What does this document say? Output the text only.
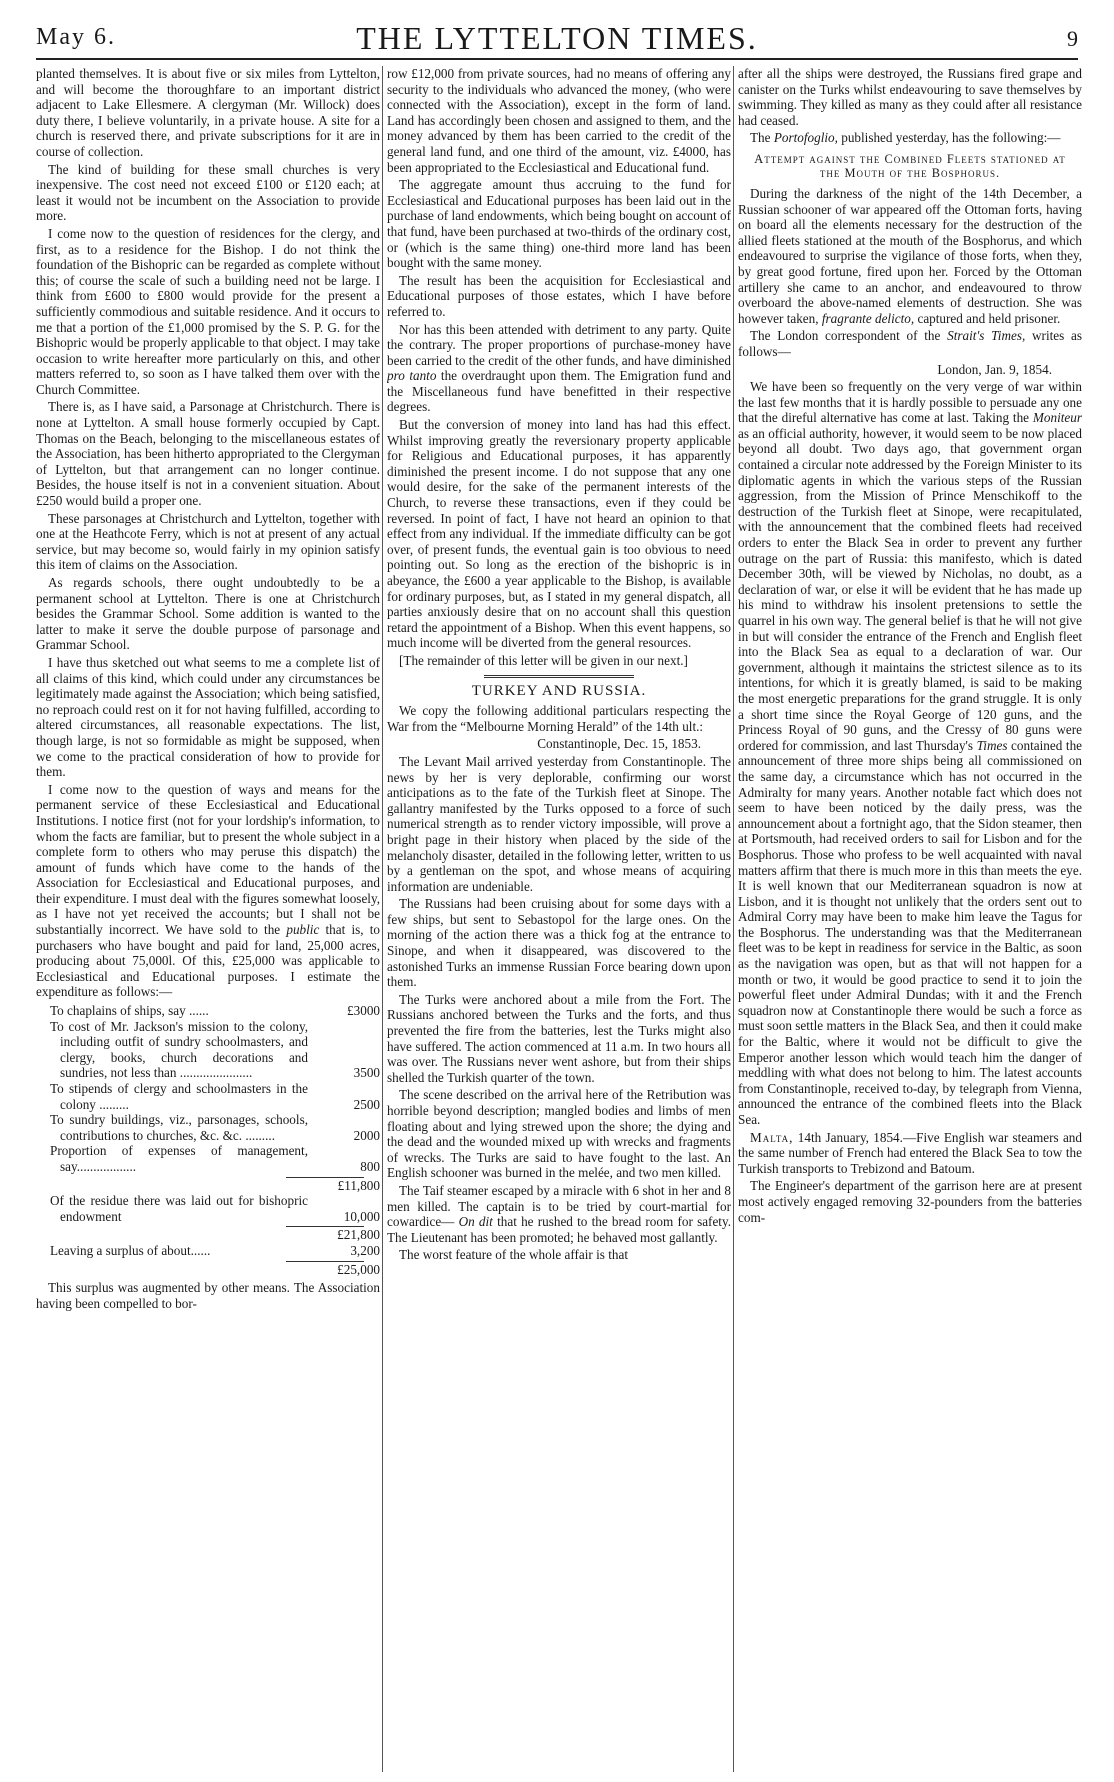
May 6.	THE LYTTELTON TIMES.	9

planted themselves. It is about five or six miles from Lyttelton, and will become the thoroughfare to an important district adjacent to Lake Ellesmere. A clergyman (Mr. Willock) does duty there, I believe voluntarily, in a private house. A site for a church is reserved there, and private subscriptions for it are in course of collection.

The kind of building for these small churches is very inexpensive. The cost need not exceed £100 or £120 each; at least it would not be incumbent on the Association to provide more.

I come now to the question of residences for the clergy, and first, as to a residence for the Bishop. I do not think the foundation of the Bishopric can be regarded as complete without this; of course the scale of such a building need not be large. I think from £600 to £800 would provide for the present a sufficiently commodious and suitable residence. And it occurs to me that a portion of the £1,000 promised by the S. P. G. for the Bishopric would be properly applicable to that object. I may take occasion to write hereafter more particularly on this, and other matters referred to, so soon as I have talked them over with the Church Committee.

There is, as I have said, a Parsonage at Christchurch. There is none at Lyttelton. A small house formerly occupied by Capt. Thomas on the Beach, belonging to the miscellaneous estates of the Association, has been hitherto appropriated to the Clergyman of Lyttelton, but that arrangement can no longer continue. Besides, the house itself is not in a convenient situation. About £250 would build a proper one.

These parsonages at Christchurch and Lyttelton, together with one at the Heathcote Ferry, which is not at present of any actual service, but may become so, would fairly in my opinion satisfy this item of claims on the Association.

As regards schools, there ought undoubtedly to be a permanent school at Lyttelton. There is one at Christchurch besides the Grammar School. Some addition is wanted to the latter to make it serve the double purpose of parsonage and Grammar School.

I have thus sketched out what seems to me a complete list of all claims of this kind, which could under any circumstances be legitimately made against the Association; which being satisfied, no reproach could rest on it for not having fulfilled, according to altered circumstances, all reasonable expectations. The list, though large, is not so formidable as might be supposed, when we come to the practical consideration of how to provide for them.

I come now to the question of ways and means for the permanent service of these Ecclesiastical and Educational Institutions. I notice first (not for your lordship's information, to whom the facts are familiar, but to present the whole subject in a complete form to others who may peruse this dispatch) the amount of funds which have come to the hands of the Association for Ecclesiastical and Educational purposes, and their expenditure. I must deal with the figures somewhat loosely, as I have not yet received the accounts; but I shall not be substantially incorrect. We have sold to the public that is, to purchasers who have bought and paid for land, 25,000 acres, producing about 75,000l. Of this, £25,000 was applicable to Ecclesiastical and Educational purposes. I estimate the expenditure as follows:—

To chaplains of ships, say ......	£3000
To cost of Mr. Jackson's mission to the colony, including outfit of sundry schoolmasters, and clergy, books, church decorations and sundries, not less than ......................	3500
To stipends of clergy and schoolmasters in the colony .........	2500
To sundry buildings, viz., parsonages, schools, contributions to churches, &c. &c. .........	2000
Proportion of expenses of management, say..................	800
£11,800
Of the residue there was laid out for bishopric endowment	10,000
£21,800
Leaving a surplus of about......	3,200
£25,000

This surplus was augmented by other means. The Association having been compelled to bor-

row £12,000 from private sources, had no means of offering any security to the individuals who advanced the money, (who were connected with the Association), except in the form of land. Land has accordingly been chosen and assigned to them, and the money advanced by them has been carried to the credit of the general land fund, and one third of the amount, viz. £4000, has been appropriated to the Ecclesiastical and Educational fund.

The aggregate amount thus accruing to the fund for Ecclesiastical and Educational purposes has been laid out in the purchase of land endowments, which being bought on account of that fund, have been purchased at two-thirds of the ordinary cost, or (which is the same thing) one-third more land has been bought with the same money.

The result has been the acquisition for Ecclesiastical and Educational purposes of those estates, which I have before referred to.

Nor has this been attended with detriment to any party. Quite the contrary. The proper proportions of purchase-money have been carried to the credit of the other funds, and have diminished pro tanto the overdraught upon them. The Emigration fund and the Miscellaneous fund have benefitted in their respective degrees.

But the conversion of money into land has had this effect. Whilst improving greatly the reversionary property applicable for Religious and Educational purposes, it has apparently diminished the present income. I do not suppose that any one would desire, for the sake of the permanent interests of the Church, to reverse these transactions, even if they could be reversed. In point of fact, I have not heard an opinion to that effect from any individual. If the immediate difficulty can be got over, of present funds, the eventual gain is too obvious to need pointing out. So long as the erection of the bishopric is in abeyance, the £600 a year applicable to the Bishop, is available for ordinary purposes, but, as I stated in my general dispatch, all parties anxiously desire that on no account shall this question retard the appointment of a Bishop. When this event happens, so much income will be diverted from the general resources.

[The remainder of this letter will be given in our next.]

TURKEY AND RUSSIA.

We copy the following additional particulars respecting the War from the “Melbourne Morning Herald” of the 14th ult.:

Constantinople, Dec. 15, 1853.

The Levant Mail arrived yesterday from Constantinople. The news by her is very deplorable, confirming our worst anticipations as to the fate of the Turkish fleet at Sinope. The gallantry manifested by the Turks opposed to a force of such numerical strength as to render victory impossible, will prove a bright page in their history when placed by the side of the melancholy disaster, detailed in the following letter, written to us by a gentleman on the spot, and whose means of acquiring information are undeniable.

The Russians had been cruising about for some days with a few ships, but sent to Sebastopol for the large ones. On the morning of the action there was a thick fog at the entrance to Sinope, and when it disappeared, was discovered to the astonished Turks an immense Russian Force bearing down upon them.

The Turks were anchored about a mile from the Fort. The Russians anchored between the Turks and the forts, and thus prevented the fire from the batteries, lest the Turks might also have suffered. The action commenced at 11 a.m. In two hours all was over. The Russians never went ashore, but from their ships shelled the Turkish quarter of the town.

The scene described on the arrival here of the Retribution was horrible beyond description; mangled bodies and limbs of men floating about and lying strewed upon the shore; the dying and the dead and the wounded mixed up with wrecks and fragments of wrecks. The Turks are said to have fought to the last. An English schooner was burned in the melée, and two men killed.

The Taif steamer escaped by a miracle with 6 shot in her and 8 men killed. The captain is to be tried by court-martial for cowardice— On dit that he rushed to the bread room for safety. The Lieutenant has been promoted; he behaved most gallantly.

The worst feature of the whole affair is that

after all the ships were destroyed, the Russians fired grape and canister on the Turks whilst endeavouring to save themselves by swimming. They killed as many as they could after all resistance had ceased.

The Portofoglio, published yesterday, has the following:—

Attempt against the Combined Fleets stationed at the Mouth of the Bosphorus.

During the darkness of the night of the 14th December, a Russian schooner of war appeared off the Ottoman forts, having on board all the elements necessary for the destruction of the allied fleets stationed at the mouth of the Bosphorus, and which endeavoured to surprise the vigilance of those forts, when they, by great good fortune, fired upon her. Forced by the Ottoman artillery she came to an anchor, and endeavoured to throw overboard the above-named elements of destruction. She was however taken, fragrante delicto, captured and held prisoner.

The London correspondent of the Strait's Times, writes as follows—

London, Jan. 9, 1854.

We have been so frequently on the very verge of war within the last few months that it is hardly possible to persuade any one that the direful alternative has come at last. Taking the Moniteur as an official authority, however, it would seem to be now placed beyond all doubt. Two days ago, that government organ contained a circular note addressed by the Foreign Minister to its diplomatic agents in which the various steps of the Russian aggression, from the Mission of Prince Menschikoff to the destruction of the Turkish fleet at Sinope, were recapitulated, with the announcement that the combined fleets had received orders to enter the Black Sea in order to prevent any further outrage on the part of Russia: this manifesto, which is dated December 30th, will be viewed by Nicholas, no doubt, as a declaration of war, or else it will be evident that he has made up his mind to withdraw his insolent pretensions to settle the quarrel in his own way. The general belief is that he will not give in but will consider the entrance of the French and English fleet into the Black Sea as equal to a declaration of war. Our government, although it maintains the strictest silence as to its intentions, for which it is greatly blamed, is said to be making the most energetic preparations for the grand struggle. It is only a short time since the Royal George of 120 guns, and the Princess Royal of 90 guns, and the Cressy of 80 guns were ordered for commission, and last Thursday's Times contained the announcement of three more ships being all commissioned on the same day, a circumstance which has not occurred in the Admiralty for many years. Another notable fact which does not seem to have been noticed by the daily press, was the announcement about a fortnight ago, that the Sidon steamer, then at Portsmouth, had received orders to sail for Lisbon and for the Bosphorus. Those who profess to be well acquainted with naval matters affirm that there is much more in this than meets the eye. It is well known that our Mediterranean squadron is now at Lisbon, and it is thought not unlikely that the orders sent out to Admiral Corry may have been to make him leave the Tagus for the Bosphorus. The understanding was that the Mediterranean fleet was to be kept in readiness for service in the Baltic, as soon as the navigation was open, but as that will not happen for a month or two, it would be good practice to send it to join the powerful fleet under Admiral Dundas; with it and the French squadron now at Constantinople there would be such a force as must soon settle matters in the Black Sea, and then it could make for the Baltic, where it would not be difficult to give the Emperor another lesson which would teach him the danger of meddling with what does not belong to him. The latest accounts from Constantinople, received to-day, by telegraph from Vienna, announced the entrance of the combined fleets into the Black Sea.

Malta, 14th January, 1854.—Five English war steamers and the same number of French had entered the Black Sea to tow the Turkish transports to Trebizond and Batoum.

The Engineer's department of the garrison here are at present most actively engaged removing 32-pounders from the batteries com-
